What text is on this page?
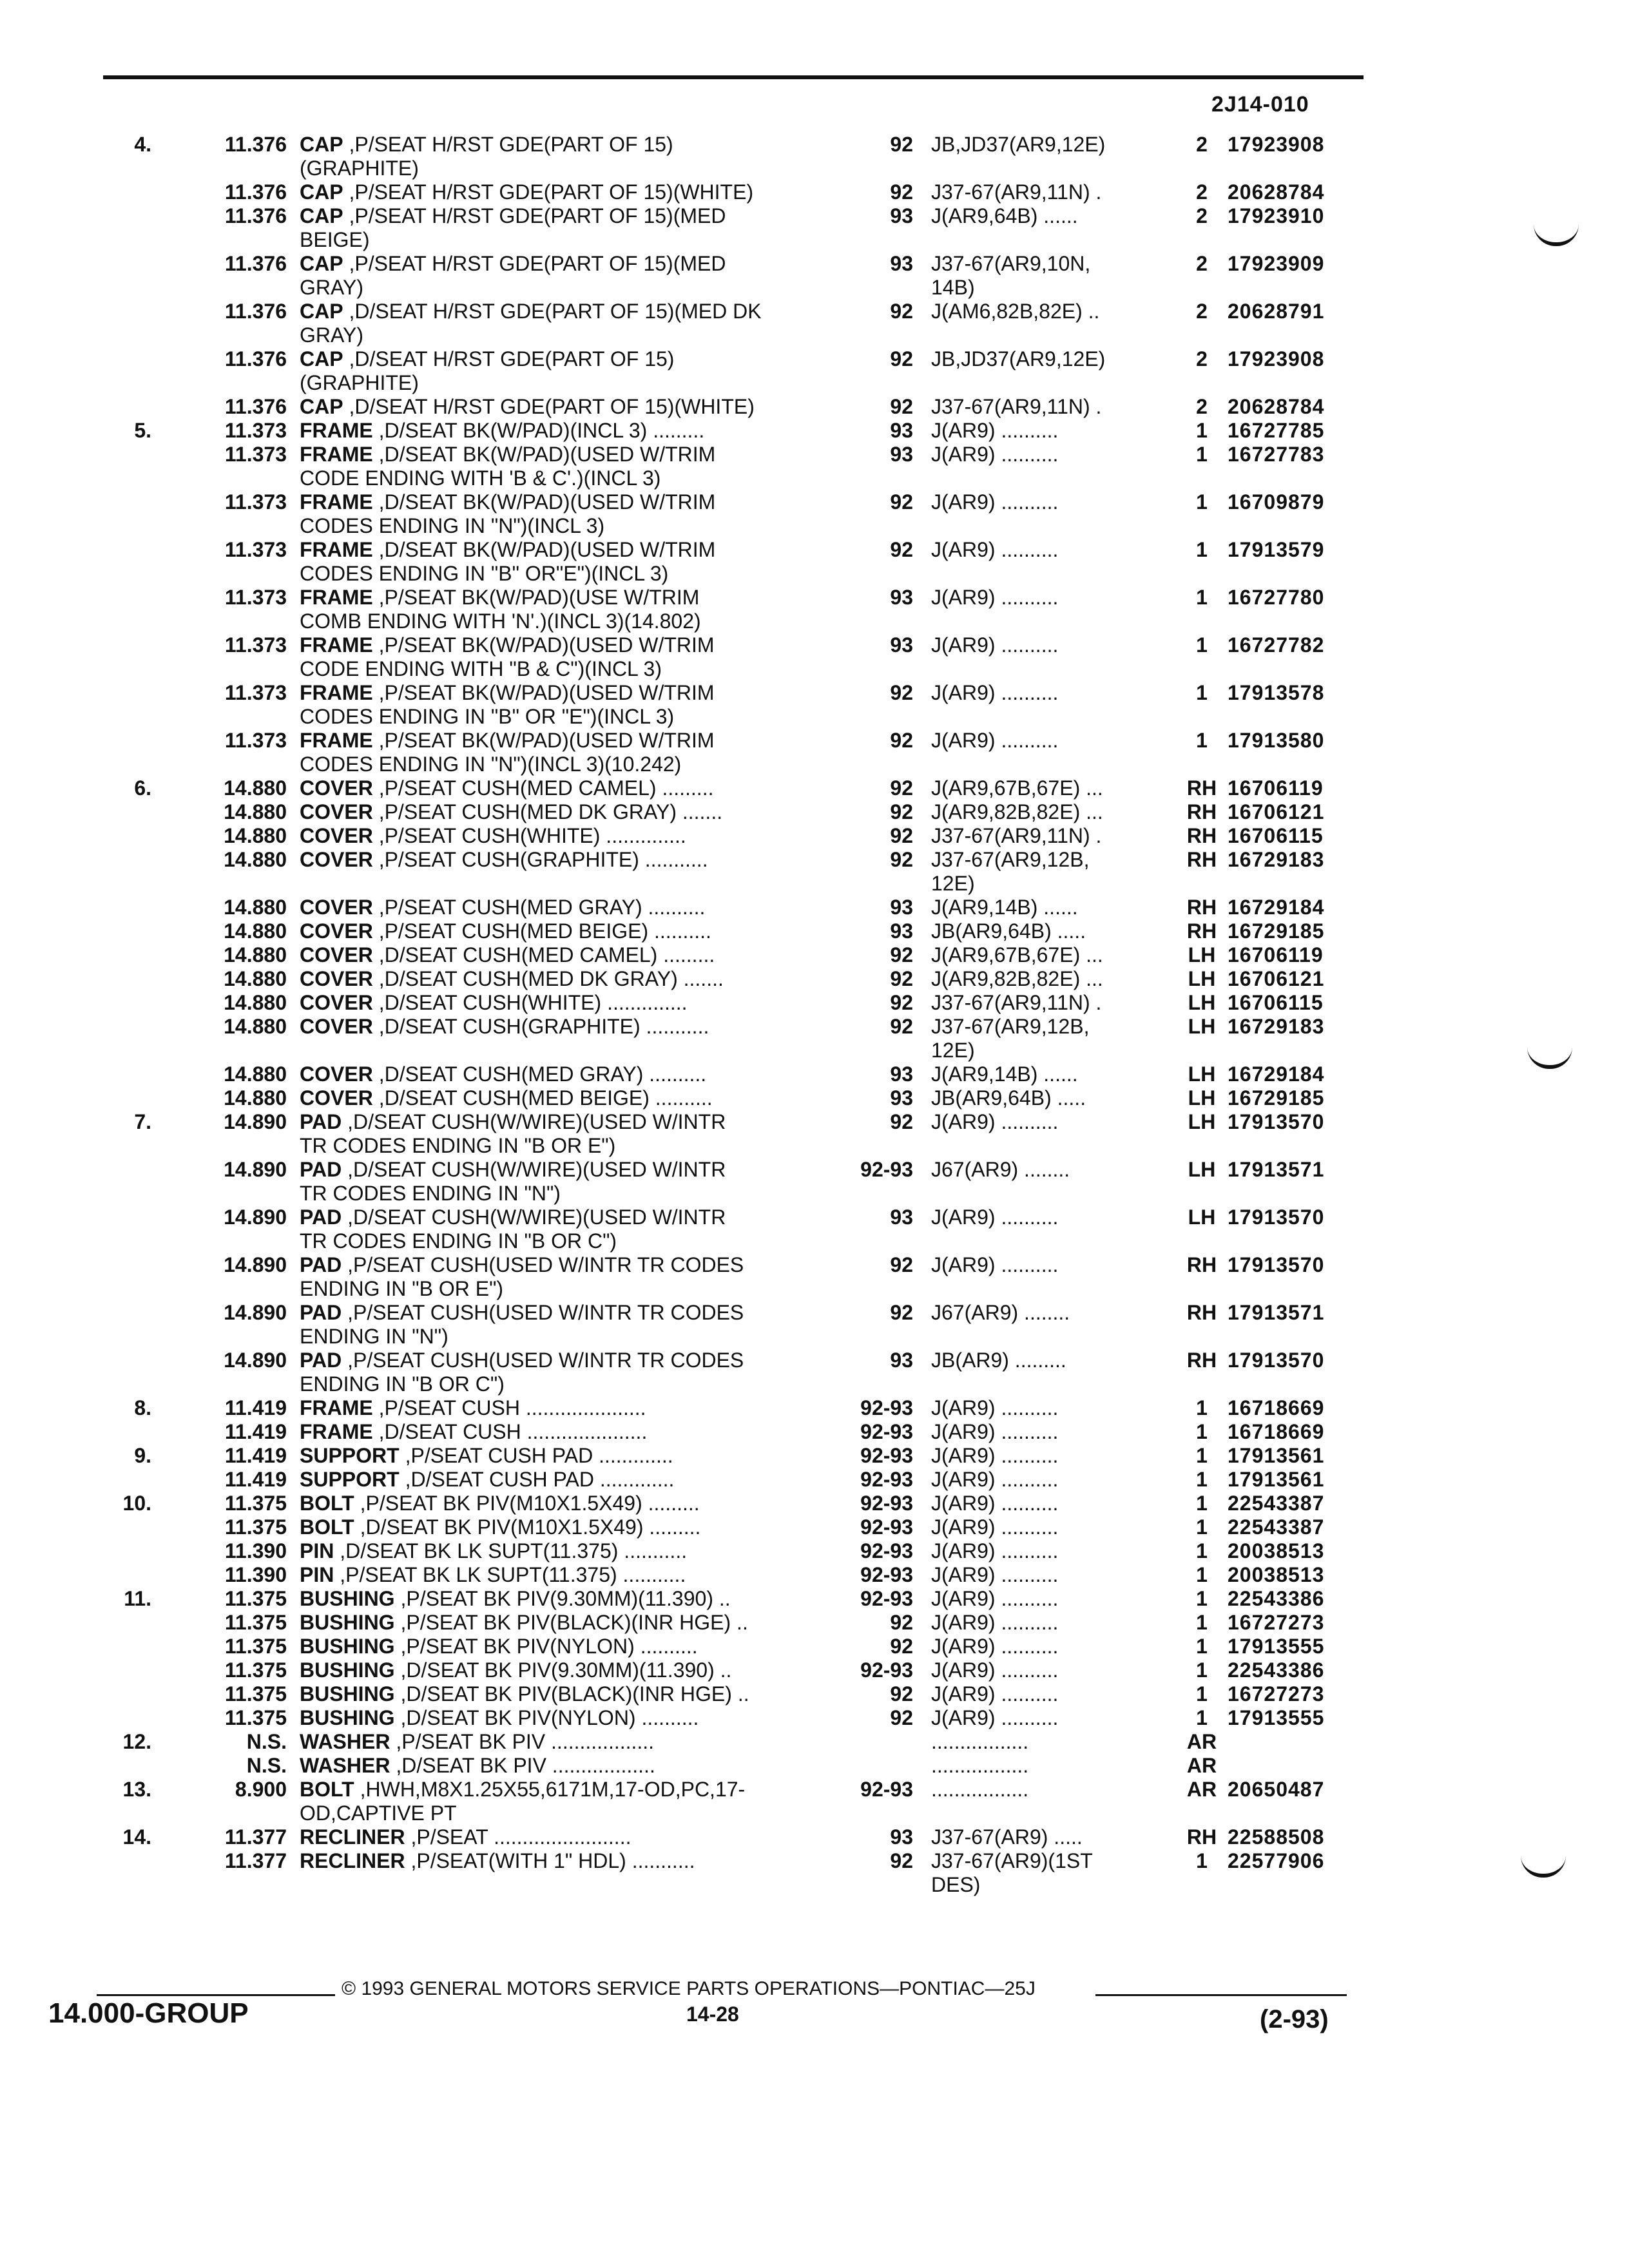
2J14-010
4.	11.376 CAP ,P/SEAT H/RST GDE(PART OF 15)
(GRAPHITE)
92 JB,JD37(AR9,12E)	2 17923908
11.376 CAP ,P/SEAT H/RST GDE(PART OF 15)(WHITE)	92 J37-67(AR9,11N) .	2 20628784
11.376 CAP ,P/SEAT H/RST GDE(PART OF 15)(MED
BEIGE)
93 J(AR9,64B) ......	2 17923910
11.376 CAP ,P/SEAT H/RST GDE(PART OF 15)(MED
GRAY)
93 J37-67(AR9,10N,
14B)
2 17923909
11.376 CAP ,D/SEAT H/RST GDE(PART OF 15)(MED DK
GRAY)
92 J(AM6,82B,82E) ..	2 20628791
11.376 CAP ,D/SEAT H/RST GDE(PART OF 15)
(GRAPHITE)
92 JB,JD37(AR9,12E)	2 17923908
11.376 CAP ,D/SEAT H/RST GDE(PART OF 15)(WHITE)	92 J37-67(AR9,11N) .	2 20628784
5.	11.373 FRAME ,D/SEAT BK(W/PAD)(INCL 3) .........	93 J(AR9) ..........	1 16727785
11.373 FRAME ,D/SEAT BK(W/PAD)(USED W/TRIM
CODE ENDING WITH 'B & C'.)(INCL 3)
93 J(AR9) ..........	1 16727783
11.373 FRAME ,D/SEAT BK(W/PAD)(USED W/TRIM
CODES ENDING IN "N")(INCL 3)
92 J(AR9) ..........	1 16709879
11.373 FRAME ,D/SEAT BK(W/PAD)(USED W/TRIM
CODES ENDING IN "B" OR"E")(INCL 3)
92 J(AR9) ..........	1 17913579
11.373 FRAME ,P/SEAT BK(W/PAD)(USE W/TRIM
COMB ENDING WITH 'N'.)(INCL 3)(14.802)
93 J(AR9) ..........	1 16727780
11.373 FRAME ,P/SEAT BK(W/PAD)(USED W/TRIM
CODE ENDING WITH "B & C")(INCL 3)
93 J(AR9) ..........	1 16727782
11.373 FRAME ,P/SEAT BK(W/PAD)(USED W/TRIM
CODES ENDING IN "B" OR "E")(INCL 3)
92 J(AR9) ..........	1 17913578
11.373 FRAME ,P/SEAT BK(W/PAD)(USED W/TRIM
CODES ENDING IN "N")(INCL 3)(10.242)
92 J(AR9) ..........	1 17913580
6.	14.880 COVER ,P/SEAT CUSH(MED CAMEL) .........	92 J(AR9,67B,67E) ...	RH 16706119
14.880 COVER ,P/SEAT CUSH(MED DK GRAY) .......	92 J(AR9,82B,82E) ...	RH 16706121
14.880 COVER ,P/SEAT CUSH(WHITE) ..............	92 J37-67(AR9,11N) .	RH 16706115
14.880 COVER ,P/SEAT CUSH(GRAPHITE) ...........	92 J37-67(AR9,12B,
12E)
RH 16729183
14.880 COVER ,P/SEAT CUSH(MED GRAY) ..........	93 J(AR9,14B) ......	RH 16729184
14.880 COVER ,P/SEAT CUSH(MED BEIGE) ..........	93 JB(AR9,64B) .....	RH 16729185
14.880 COVER ,D/SEAT CUSH(MED CAMEL) .........	92 J(AR9,67B,67E) ...	LH 16706119
14.880 COVER ,D/SEAT CUSH(MED DK GRAY) .......	92 J(AR9,82B,82E) ...	LH 16706121
14.880 COVER ,D/SEAT CUSH(WHITE) ..............	92 J37-67(AR9,11N) .	LH 16706115
14.880 COVER ,D/SEAT CUSH(GRAPHITE) ...........	92 J37-67(AR9,12B,
12E)
LH 16729183
14.880 COVER ,D/SEAT CUSH(MED GRAY) ..........	93 J(AR9,14B) ......	LH 16729184
14.880 COVER ,D/SEAT CUSH(MED BEIGE) ..........	93 JB(AR9,64B) .....	LH 16729185
7.	14.890 PAD ,D/SEAT CUSH(W/WIRE)(USED W/INTR
TR CODES ENDING IN "B OR E")
92 J(AR9) ..........	LH 17913570
14.890 PAD ,D/SEAT CUSH(W/WIRE)(USED W/INTR
TR CODES ENDING IN "N")
92-93 J67(AR9) ........	LH 17913571
14.890 PAD ,D/SEAT CUSH(W/WIRE)(USED W/INTR
TR CODES ENDING IN "B OR C")
93 J(AR9) ..........	LH 17913570
14.890 PAD ,P/SEAT CUSH(USED W/INTR TR CODES
ENDING IN "B OR E")
92 J(AR9) ..........	RH 17913570
14.890 PAD ,P/SEAT CUSH(USED W/INTR TR CODES
ENDING IN "N")
92 J67(AR9) ........	RH 17913571
14.890 PAD ,P/SEAT CUSH(USED W/INTR TR CODES
ENDING IN "B OR C")
93 JB(AR9) .........	RH 17913570
8.	11.419 FRAME ,P/SEAT CUSH .....................	92-93 J(AR9) ..........	1 16718669
11.419 FRAME ,D/SEAT CUSH .....................	92-93 J(AR9) ..........	1 16718669
9.	11.419 SUPPORT ,P/SEAT CUSH PAD .............	92-93 J(AR9) ..........	1 17913561
11.419 SUPPORT ,D/SEAT CUSH PAD .............	92-93 J(AR9) ..........	1 17913561
10.	11.375 BOLT ,P/SEAT BK PIV(M10X1.5X49) .........	92-93 J(AR9) ..........	1 22543387
11.375 BOLT ,D/SEAT BK PIV(M10X1.5X49) .........	92-93 J(AR9) ..........	1 22543387
11.390 PIN ,D/SEAT BK LK SUPT(11.375) ...........	92-93 J(AR9) ..........	1 20038513
11.390 PIN ,P/SEAT BK LK SUPT(11.375) ...........	92-93 J(AR9) ..........	1 20038513
11.	11.375 BUSHING ,P/SEAT BK PIV(9.30MM)(11.390) ..	92-93 J(AR9) ..........	1 22543386
11.375 BUSHING ,P/SEAT BK PIV(BLACK)(INR HGE) ..	92 J(AR9) ..........	1 16727273
11.375 BUSHING ,P/SEAT BK PIV(NYLON) ..........	92 J(AR9) ..........	1 17913555
11.375 BUSHING ,D/SEAT BK PIV(9.30MM)(11.390) ..	92-93 J(AR9) ..........	1 22543386
11.375 BUSHING ,D/SEAT BK PIV(BLACK)(INR HGE) ..	92 J(AR9) ..........	1 16727273
11.375 BUSHING ,D/SEAT BK PIV(NYLON) ..........	92 J(AR9) ..........	1 17913555
12.	N.S. WASHER ,P/SEAT BK PIV ..................	.................	AR
N.S. WASHER ,D/SEAT BK PIV ..................	.................	AR
13.	8.900 BOLT ,HWH,M8X1.25X55,6171M,17-OD,PC,17-
OD,CAPTIVE PT
92-93 .................	AR 20650487
14.	11.377 RECLINER ,P/SEAT ........................	93 J37-67(AR9) .....	RH 22588508
11.377 RECLINER ,P/SEAT(WITH 1" HDL) ...........	92 J37-67(AR9)(1ST
DES)
1 22577906
© 1993 GENERAL MOTORS SERVICE PARTS OPERATIONS—PONTIAC—25J
14.000-GROUP	14-28	(2-93)
